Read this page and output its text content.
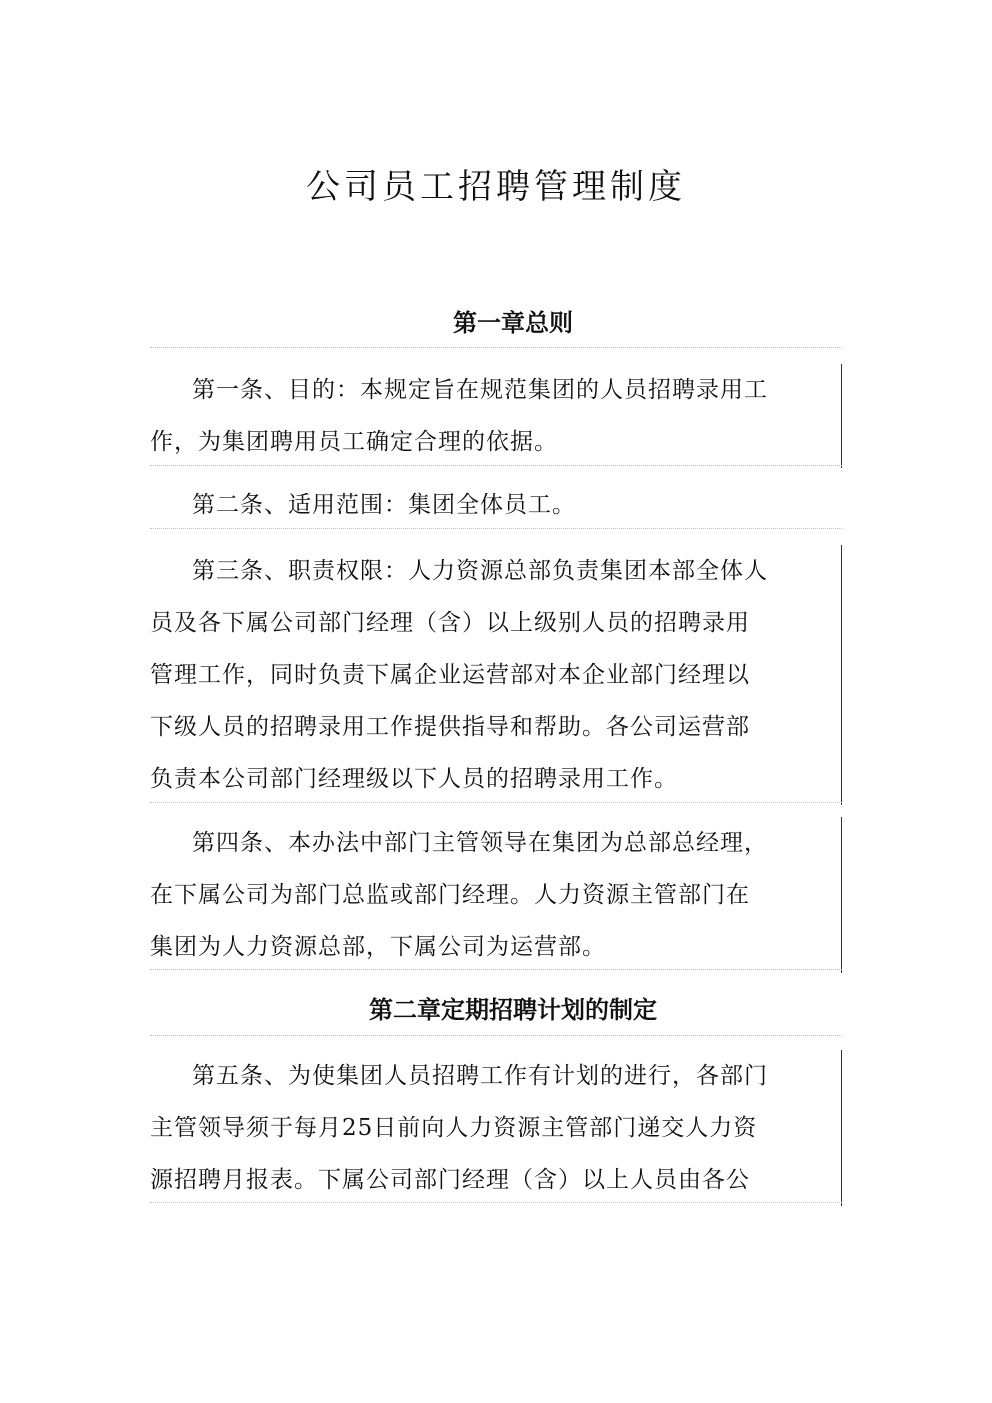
公司员工招聘管理制度
第一章总则

第一条、目的：本规定旨在规范集团的人员招聘录用工
作，为集团聘用员工确定合理的依据。

第二条、适用范围：集团全体员工。

第三条、职责权限：人力资源总部负责集团本部全体人
员及各下属公司部门经理（含）以上级别人员的招聘录用
管理工作，同时负责下属企业运营部对本企业部门经理以
下级人员的招聘录用工作提供指导和帮助。各公司运营部
负责本公司部门经理级以下人员的招聘录用工作。

第四条、本办法中部门主管领导在集团为总部总经理，
在下属公司为部门总监或部门经理。人力资源主管部门在
集团为人力资源总部，下属公司为运营部。

第二章定期招聘计划的制定

第五条、为使集团人员招聘工作有计划的进行，各部门
主管领导须于每月25日前向人力资源主管部门递交人力资
源招聘月报表。下属公司部门经理（含）以上人员由各公
